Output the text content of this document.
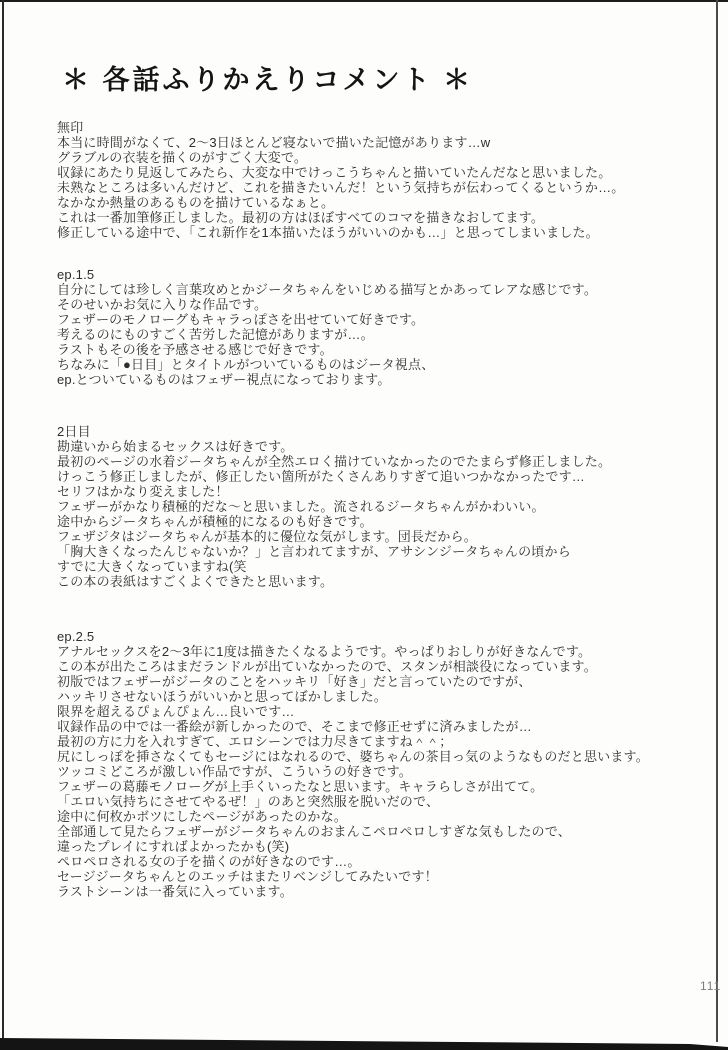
＊ 各話ふりかえりコメント ＊
無印
本当に時間がなくて、2～3日ほとんど寝ないで描いた記憶があります…w
グラブルの衣装を描くのがすごく大変で。
収録にあたり見返してみたら、大変な中でけっこうちゃんと描いていたんだなと思いました。
未熟なところは多いんだけど、これを描きたいんだ！という気持ちが伝わってくるというか…。
なかなか熱量のあるものを描けているなぁと。
これは一番加筆修正しました。最初の方はほぼすべてのコマを描きなおしてます。
修正している途中で、「これ新作を1本描いたほうがいいのかも…」と思ってしまいました。
ep.1.5
自分にしては珍しく言葉攻めとかジータちゃんをいじめる描写とかあってレアな感じです。
そのせいかお気に入りな作品です。
フェザーのモノローグもキャラっぽさを出せていて好きです。
考えるのにものすごく苦労した記憶がありますが…。
ラストもその後を予感させる感じで好きです。
ちなみに「●日目」とタイトルがついているものはジータ視点、
ep.とついているものはフェザー視点になっております。
2日目
勘違いから始まるセックスは好きです。
最初のページの水着ジータちゃんが全然エロく描けていなかったのでたまらず修正しました。
けっこう修正しましたが、修正したい箇所がたくさんありすぎて追いつかなかったです…
セリフはかなり変えました！
フェザーがかなり積極的だな～と思いました。流されるジータちゃんがかわいい。
途中からジータちゃんが積極的になるのも好きです。
フェザジタはジータちゃんが基本的に優位な気がします。団長だから。
「胸大きくなったんじゃないか？」と言われてますが、アサシンジータちゃんの頃から
すでに大きくなっていますね(笑
この本の表紙はすごくよくできたと思います。
ep.2.5
アナルセックスを2～3年に1度は描きたくなるようです。やっぱりおしりが好きなんです。
この本が出たころはまだランドルが出ていなかったので、スタンが相談役になっています。
初版ではフェザーがジータのことをハッキリ「好き」だと言っていたのですが、
ハッキリさせないほうがいいかと思ってぼかしました。
限界を超えるぴょんぴょん…良いです…
収録作品の中では一番絵が新しかったので、そこまで修正せずに済みましたが…
最初の方に力を入れすぎて、エロシーンでは力尽きてますね＾＾；
尻にしっぽを挿さなくてもセージにはなれるので、婆ちゃんの茶目っ気のようなものだと思います。
ツッコミどころが激しい作品ですが、こういうの好きです。
フェザーの葛藤モノローグが上手くいったなと思います。キャラらしさが出てて。
「エロい気持ちにさせてやるぜ！」のあと突然服を脱いだので、
途中に何枚かボツにしたページがあったのかな。
全部通して見たらフェザーがジータちゃんのおまんこペロペロしすぎな気もしたので、
違ったプレイにすればよかったかも(笑)
ペロペロされる女の子を描くのが好きなのです…。
セージジータちゃんとのエッチはまたリベンジしてみたいです！
ラストシーンは一番気に入っています。
111
